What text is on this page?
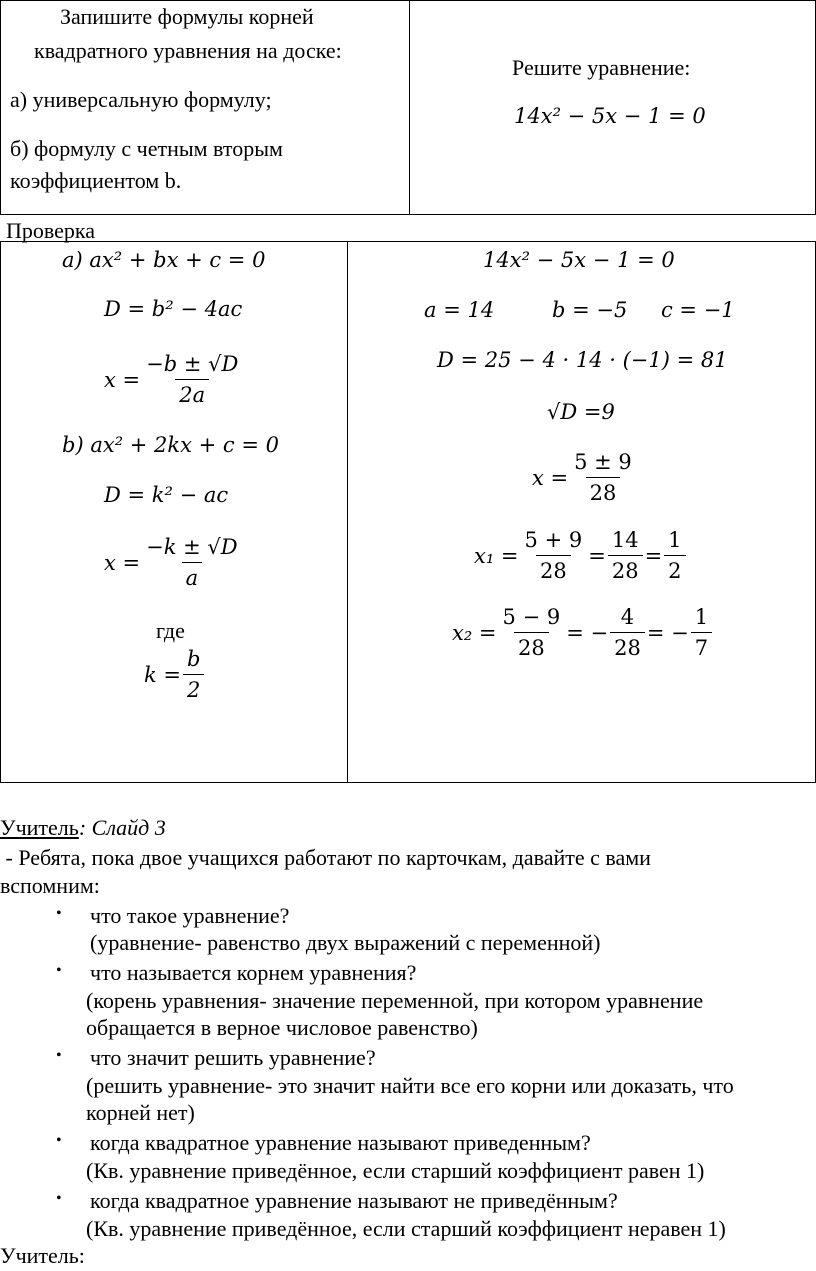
Запишите формулы корней
квадратного уравнения на доске:
а) универсальную формулу;
б) формулу с четным вторым
коэффициентом b.
Решите уравнение:
14x² − 5x − 1 = 0
Проверка
а) ax² + bx + c = 0
D = b² − 4ac
$x = \frac{-b \pm √D}{2a}$
b) ax² + 2kx + c = 0
D = k² − ac
$x = \frac{-k \pm √D}{a}$
где
$k = \frac{b}{2}$
14x² − 5x − 1 = 0
a = 14	b = −5 c = −1
D = 25 − 4 · 14 · (−1) = 81
√D =9
$x = \frac{5 \pm 9}{28}$
$x_1 = \frac{5 + 9}{28} = \frac{14}{28} = \frac{1}{2}$
$x_2 = \frac{5 - 9}{28}$ = − $\frac{4}{28}$ = − $\frac{1}{7}$
Учитель: Слайд 3
- Ребята, пока двое учащихся работают по карточкам, давайте с вами
вспомним:
• что такое уравнение?
(уравнение- равенство двух выражений с переменной)
• что называется корнем уравнения?
(корень уравнения- значение переменной, при котором уравнение
обращается в верное числовое равенство)
• что значит решить уравнение?
(решить уравнение- это значит найти все его корни или доказать, что
корней нет)
• когда квадратное уравнение называют приведенным?
(Кв. уравнение приведённое, если старший коэффициент равен 1)
• когда квадратное уравнение называют не приведённым?
(Кв. уравнение приведённое, если старший коэффициент неравен 1)
Учитель:
